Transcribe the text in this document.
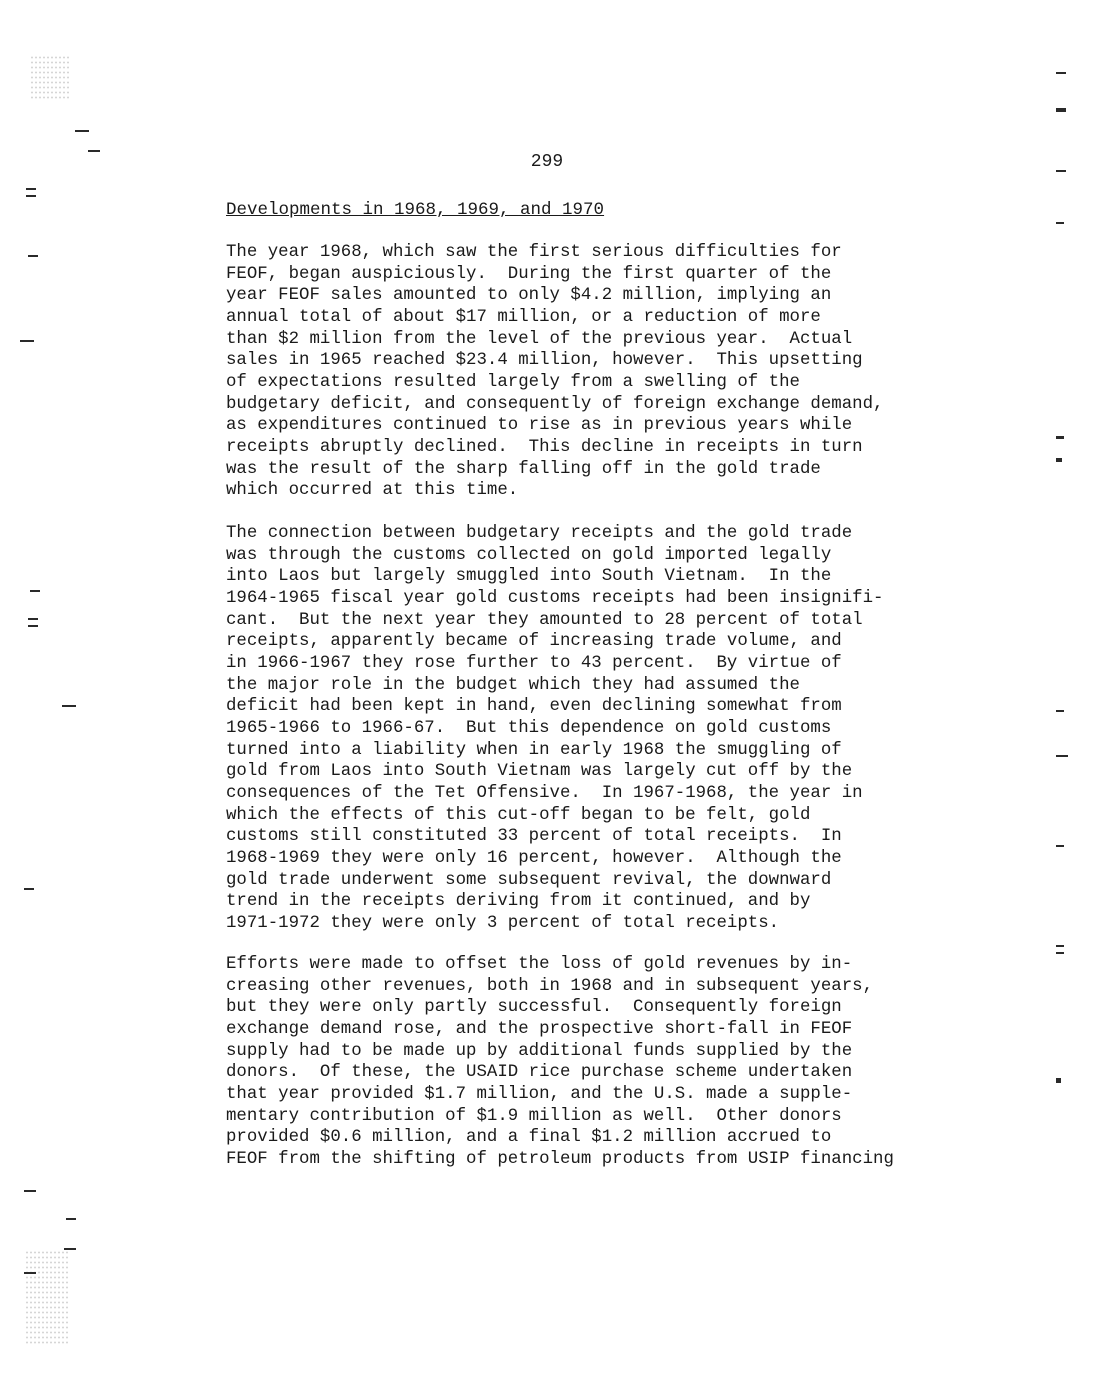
299
Developments in 1968, 1969, and 1970
The year 1968, which saw the first serious difficulties for
FEOF, began auspiciously.  During the first quarter of the
year FEOF sales amounted to only $4.2 million, implying an
annual total of about $17 million, or a reduction of more
than $2 million from the level of the previous year.  Actual
sales in 1965 reached $23.4 million, however.  This upsetting
of expectations resulted largely from a swelling of the
budgetary deficit, and consequently of foreign exchange demand,
as expenditures continued to rise as in previous years while
receipts abruptly declined.  This decline in receipts in turn
was the result of the sharp falling off in the gold trade
which occurred at this time.
The connection between budgetary receipts and the gold trade
was through the customs collected on gold imported legally
into Laos but largely smuggled into South Vietnam.  In the
1964-1965 fiscal year gold customs receipts had been insignifi-
cant.  But the next year they amounted to 28 percent of total
receipts, apparently became of increasing trade volume, and
in 1966-1967 they rose further to 43 percent.  By virtue of
the major role in the budget which they had assumed the
deficit had been kept in hand, even declining somewhat from
1965-1966 to 1966-67.  But this dependence on gold customs
turned into a liability when in early 1968 the smuggling of
gold from Laos into South Vietnam was largely cut off by the
consequences of the Tet Offensive.  In 1967-1968, the year in
which the effects of this cut-off began to be felt, gold
customs still constituted 33 percent of total receipts.  In
1968-1969 they were only 16 percent, however.  Although the
gold trade underwent some subsequent revival, the downward
trend in the receipts deriving from it continued, and by
1971-1972 they were only 3 percent of total receipts.
Efforts were made to offset the loss of gold revenues by in-
creasing other revenues, both in 1968 and in subsequent years,
but they were only partly successful.  Consequently foreign
exchange demand rose, and the prospective short-fall in FEOF
supply had to be made up by additional funds supplied by the
donors.  Of these, the USAID rice purchase scheme undertaken
that year provided $1.7 million, and the U.S. made a supple-
mentary contribution of $1.9 million as well.  Other donors
provided $0.6 million, and a final $1.2 million accrued to
FEOF from the shifting of petroleum products from USIP financing
